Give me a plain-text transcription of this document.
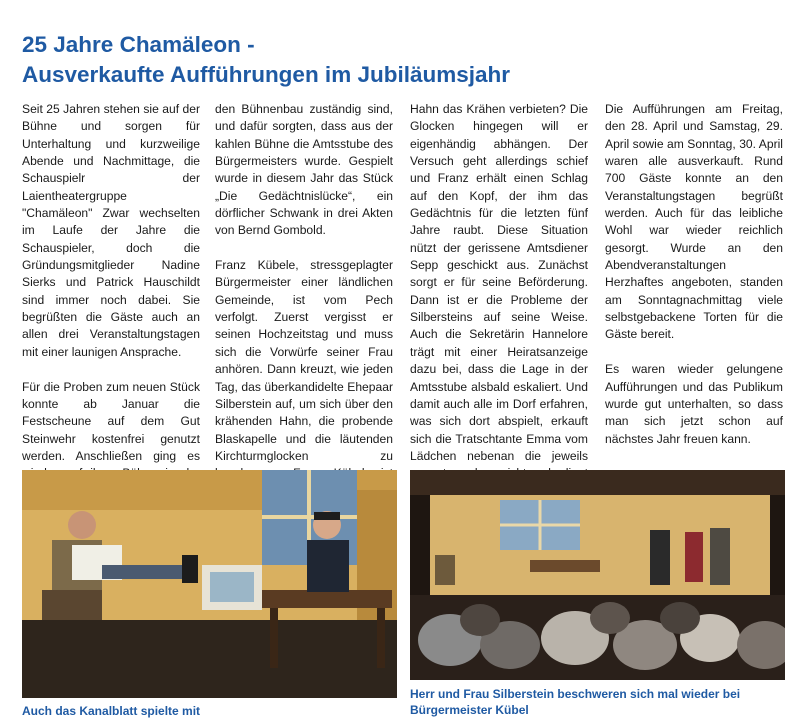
25 Jahre Chamäleon -
Ausverkaufte Aufführungen im Jubiläumsjahr

Seit 25 Jahren stehen sie auf der Bühne und sorgen für Unterhaltung und kurzweilige Abende und Nachmittage, die Schauspielr der Laientheatergruppe "Chamäleon" Zwar wechselten im Laufe der Jahre die Schauspieler, doch die Gründungsmitglieder Nadine Sierks und Patrick Hauschildt sind immer noch dabei. Sie begrüßten die Gäste auch an allen drei Veranstaltungstagen mit einer launigen Ansprache.

Für die Proben zum neuen Stück konnte ab Januar die Festscheune auf dem Gut Steinwehr kostenfrei genutzt werden. Anschließen ging es

den Bühnenbau zuständig sind, und dafür sorgten, dass aus der kahlen Bühne die Amtsstube des Bürgermeisters wurde. Gespielt wurde in diesem Jahr das Stück „Die Gedächtnislücke“, ein dörflicher Schwank in drei Akten von Bernd Gombold.

Franz Kübele, stressgeplagter Bürgermeister einer ländlichen Gemeinde, ist vom Pech verfolgt. Zuerst vergisst er seinen Hochzeitstag und muss sich die Vorwürfe seiner Frau anhören. Dann kreuzt, wie jeden Tag, das überkandidelte Ehepaar Silberstein auf, um sich über den krähenden Hahn, die probende Blaskapelle und die läutenden Kirchturmglocken zu

Hahn das Krähen verbieten? Die Glocken hingegen will er eigenhändig abhängen. Der Versuch geht allerdings schief und Franz erhält einen Schlag auf den Kopf, der ihm das Gedächtnis für die letzten fünf Jahre raubt. Diese Situation nützt der gerissene Amtsdiener Sepp geschickt aus. Zunächst sorgt er für seine Beförderung. Dann ist er die Probleme der Silbersteins auf seine Weise. Auch die Sekretärin Hannelore trägt mit einer Heiratsanzeige dazu bei, dass die Lage in der Amtsstube alsbald eskaliert. Und damit auch alle im Dorf erfahren, was sich dort abspielt, erkauft sich die Tratschtante Emma vom Lädchen nebenan die jeweils

Die Aufführungen am Freitag, den 28. April und Samstag, 29. April sowie am Sonntag, 30. April waren alle ausverkauft. Rund 700 Gäste konnte an den Veranstaltungstagen begrüßt werden. Auch für das leibliche Wohl war wieder reichlich gesorgt. Wurde an den Abendveranstaltungen Herzhaftes angeboten, standen am Sonntagnachmittag viele selbstgebackene Torten für die Gäste bereit.

Es waren wieder gelungene Aufführungen und das Publikum wurde gut unterhalten, so dass man sich jetzt schon auf nächstes Jahr freuen kann.

Auch das Kanalblatt spielte mit
Herr und Frau Silberstein beschweren sich mal wieder bei Bürgermeister Kübel
